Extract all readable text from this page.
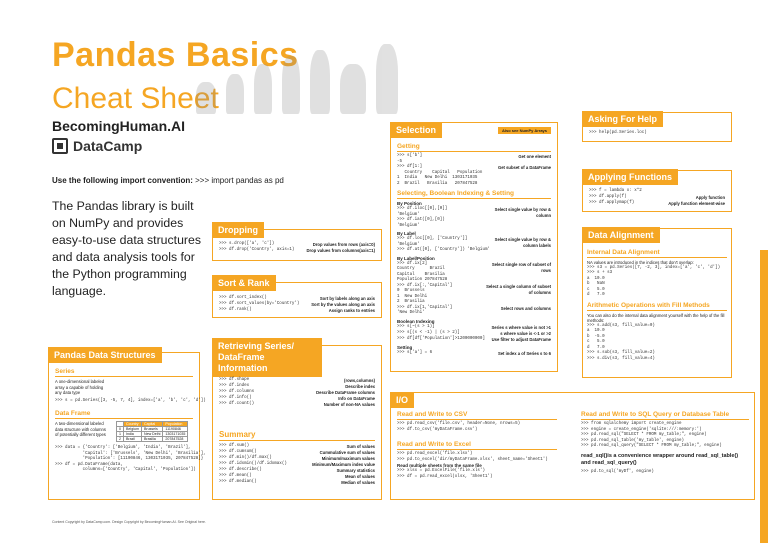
Pandas Basics
Cheat Sheet
BecomingHuman.AI
DataCamp
Use the following import convention: >>> import pandas as pd
The Pandas library is built on NumPy and provides easy-to-use data structures and data analysis tools for the Python programming language.
Dropping
>>> s.drop(['a', 'c'])	Drop values from rows (axis=0)
>>> df.drop('Country', axis=1)	Drop values from columns(axis=1)
Sort & Rank
>>> df.sort_index()	Sort by labels along an axis
>>> df.sort_values(by='Country')	Sort by the values along an axis
>>> df.rank()	Assign ranks to entries
Pandas Data Structures
Series
A one-dimensional labeled array a capable of holding any data type
>>> s = pd.Series([3, -5, 7, 4], index=['a', 'b', 'c', 'd'])
Data Frame
A two-dimensional labeled data structure with columns of potentially different types
	Country	Capital	Population
0	Belgium	Brussels	11190846
1	India	New Delhi	1303171035
2	Brazil	Brasilia	207847528
>>> data = {'Country': ['Belgium', 'India', 'Brazil'],
'Capital': ['Brussels', 'New Delhi', 'Brasilia'],
'Population': [11190846, 1303171035, 207847528]}
>>> df = pd.DataFrame(data,
columns=['Country', 'Capital', 'Population'])
Retrieving Series/ DataFrame Information
>>> df.shape	(rows,columns)
>>> df.index	Describe index
>>> df.columns	Describe DataFrame columns
>>> df.info()	Info on DataFrame
>>> df.count()	Number of non-NA values
Summary
>>> df.sum()	Sum of values
>>> df.cumsum()	Cummulative sum of values
>>> df.min()/df.max()	Minimum/maximum values
>>> df.idxmin()/df.idxmax()	Minimum/Maximum index value
>>> df.describe()	Summary statistics
>>> df.mean()	Mean of values
>>> df.median()	Median of values
Selection	Also see NumPy Arrays
Getting
>>> s['b']
-5
Get one element
>>> df[1:]
Country    Capital   Population
1  India   New Delhi  1303171035
2  Brazil   Brasilia   207847528
Get subset of a DataFrame
Selecting, Boolean Indexing & Setting
By Position
>>> df.iloc[[0],[0]]
'Belgium'
>>> df.iat([0],[0])
'Belgium'
Select single value by row & column
By Label
>>> df.loc[[0], ['Country']]
'Belgium'
>>> df.at([0], ['Country']) 'Belgium'
Select single value by row & column labels
By Label/Position
>>> df.ix[2]
Country      Brazil
Capital    Brasilia
Population 207847528
Select single row of subset of rows
>>> df.ix[:,'Capital']
0  Brussels
1  New Delhi
2  Brasilia
Select a single column of subset of columns
>>> df.ix[1,'Capital']
'New Delhi'
Select rows and columns
Boolean Indexing
>>> s[~(s > 1)]	Series s where value is not >1
>>> s[(s < -1) | (s > 2)]	s where value is <-1 or >2
>>> df[df['Population']>1200000000] Use filter to adjust DataFrame
Setting
>>> s['a'] = 6	Set index a of Series s to 6
Asking For Help
>>> help(pd.Series.loc)
Applying Functions
>>> f = lambda x: x*2
>>> df.apply(f)	Apply function
>>> df.applymap(f)	Apply function element-wise
Data Alignment
Internal Data Alignment
NA values are introduced in the indices that don't overlap:
>>> s3 = pd.Series([7, -2, 3], index=['a', 'c', 'd'])
>>> s + s3
a  10.0
b   NaN
c   5.0
d   7.0
Arithmetic Operations with Fill Methods
You can also do the internal data alignment yourself with the help of the fill methods:
>>> s.add(s3, fill_value=0)
a  10.0
b  -5.0
c   5.0
d   7.0
>>> s.sub(s3, fill_value=2)
>>> s.div(s3, fill_value=4)
I/O
Read and Write to CSV
>>> pd.read_csv('file.csv', header=None, nrows=5)
>>> df.to_csv('myDataFrame.csv')
Read and Write to Excel
>>> pd.read_excel('file.xlsx')
>>> pd.to_excel('dir/myDataFrame.xlsx', sheet_name='Sheet1')
Read multiple sheets from the same file
>>> xlsx = pd.ExcelFile('file.xls')
>>> df = pd.read_excel(xlsx, 'Sheet1')
Read and Write to SQL Query or Database Table
>>> from sqlalchemy import create_engine
>>> engine = create_engine('sqlite:///:memory:')
>>> pd.read_sql("SELECT * FROM my_table;", engine)
>>> pd.read_sql_table('my_table', engine)
>>> pd.read_sql_query("SELECT * FROM my_table;", engine)
read_sql()is a convenience wrapper around read_sql_table() and read_sql_query()
>>> pd.to_sql('myDf', engine)
Content Copyright by DataCamp.com. Design Copyright by BecomingHuman.AI. See Original here.
